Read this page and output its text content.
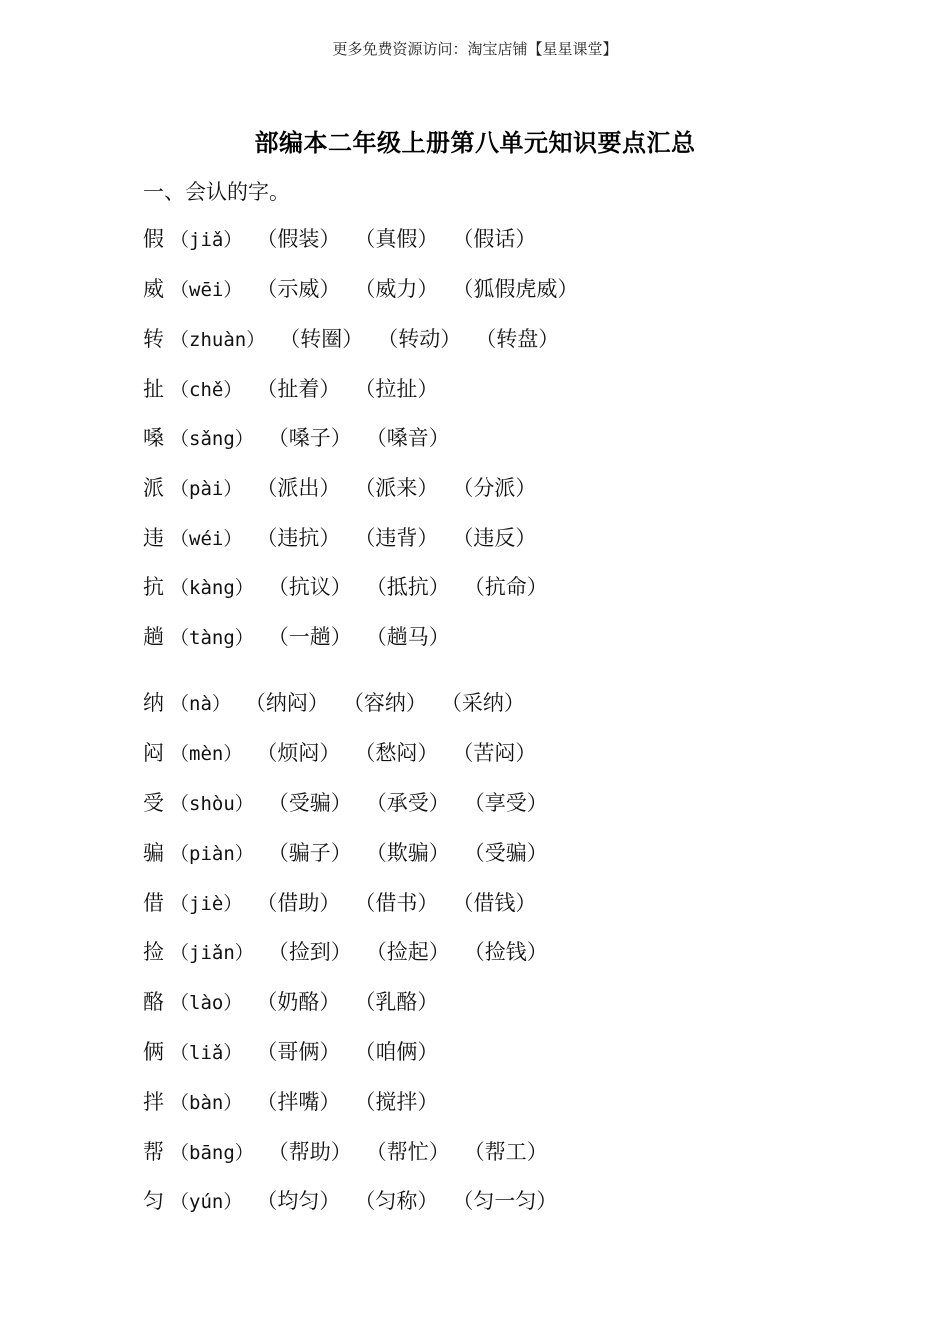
更多免费资源访问：淘宝店铺【星星课堂】
部编本二年级上册第八单元知识要点汇总
一、会认的字。
假 （jiǎ） （假装） （真假） （假话）
威 （wēi） （示威） （威力） （狐假虎威）
转 （zhuàn） （转圈） （转动） （转盘）
扯 （chě） （扯着） （拉扯）
嗓 （sǎng） （嗓子） （嗓音）
派 （pài） （派出） （派来） （分派）
违 （wéi） （违抗） （违背） （违反）
抗 （kàng） （抗议） （抵抗） （抗命）
趟 （tàng） （一趟） （趟马）
纳 （nà） （纳闷） （容纳） （采纳）
闷 （mèn） （烦闷） （愁闷） （苦闷）
受 （shòu） （受骗） （承受） （享受）
骗 （piàn） （骗子） （欺骗） （受骗）
借 （jiè） （借助） （借书） （借钱）
捡 （jiǎn） （捡到） （捡起） （捡钱）
酪 （lào） （奶酪） （乳酪）
俩 （liǎ） （哥俩） （咱俩）
拌 （bàn） （拌嘴） （搅拌）
帮 （bāng） （帮助） （帮忙） （帮工）
匀 （yún） （均匀） （匀称） （匀一匀）
